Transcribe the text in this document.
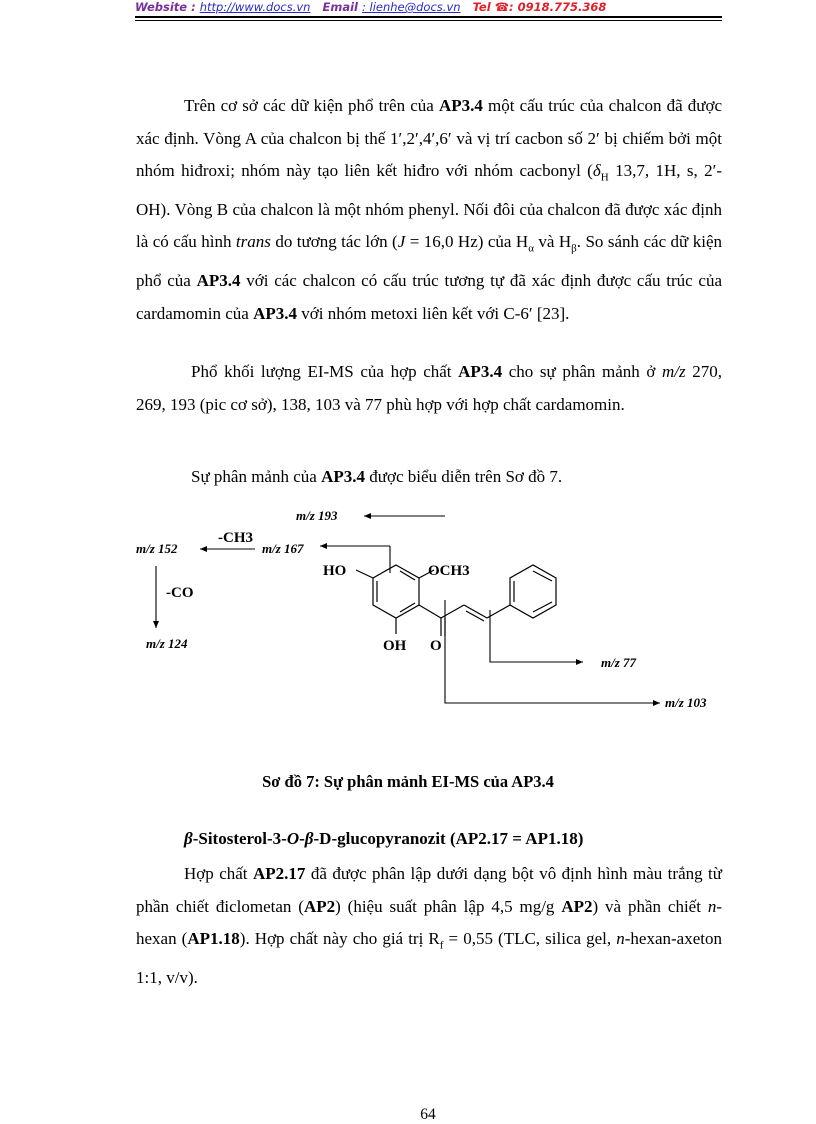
Website : http://www.docs.vn Email : lienhe@docs.vn Tel ☎: 0918.775.368

Trên cơ sở các dữ kiện phổ trên của AP3.4 một cấu trúc của chalcon đã được xác định. Vòng A của chalcon bị thế 1′,2′,4′,6′ và vị trí cacbon số 2′ bị chiếm bởi một nhóm hiđroxi; nhóm này tạo liên kết hiđro với nhóm cacbonyl ($\delta_H$ 13,7, 1H, s, 2′-OH). Vòng B của chalcon là một nhóm phenyl. Nối đôi của chalcon đã được xác định là có cấu hình trans do tương tác lớn (J = 16,0 Hz) của $H_\alpha$ và $H_\beta$. So sánh các dữ kiện phổ của AP3.4 với các chalcon có cấu trúc tương tự đã xác định được cấu trúc của cardamomin của AP3.4 với nhóm metoxi liên kết với C-6′ [23].

Phổ khối lượng EI-MS của hợp chất AP3.4 cho sự phân mảnh ở m/z 270, 269, 193 (pic cơ sở), 138, 103 và 77 phù hợp với hợp chất cardamomin.

Sự phân mảnh của AP3.4 được biểu diễn trên Sơ đồ 7.

m/z 193
m/z 167
m/z 152
m/z 124
m/z 77
m/z 103
-CH3
-CO
HO	OCH3
OH O
Sơ đồ 7: Sự phân mảnh EI-MS của AP3.4
β-Sitosterol-3-O-β-D-glucopyranozit (AP2.17 = AP1.18)

Hợp chất AP2.17 đã được phân lập dưới dạng bột vô định hình màu trắng từ phần chiết điclometan (AP2) (hiệu suất phân lập 4,5 mg/g AP2) và phần chiết n-hexan (AP1.18). Hợp chất này cho giá trị $R_f = 0,55$ (TLC, silica gel, n-hexan-axeton 1:1, v/v).

64
